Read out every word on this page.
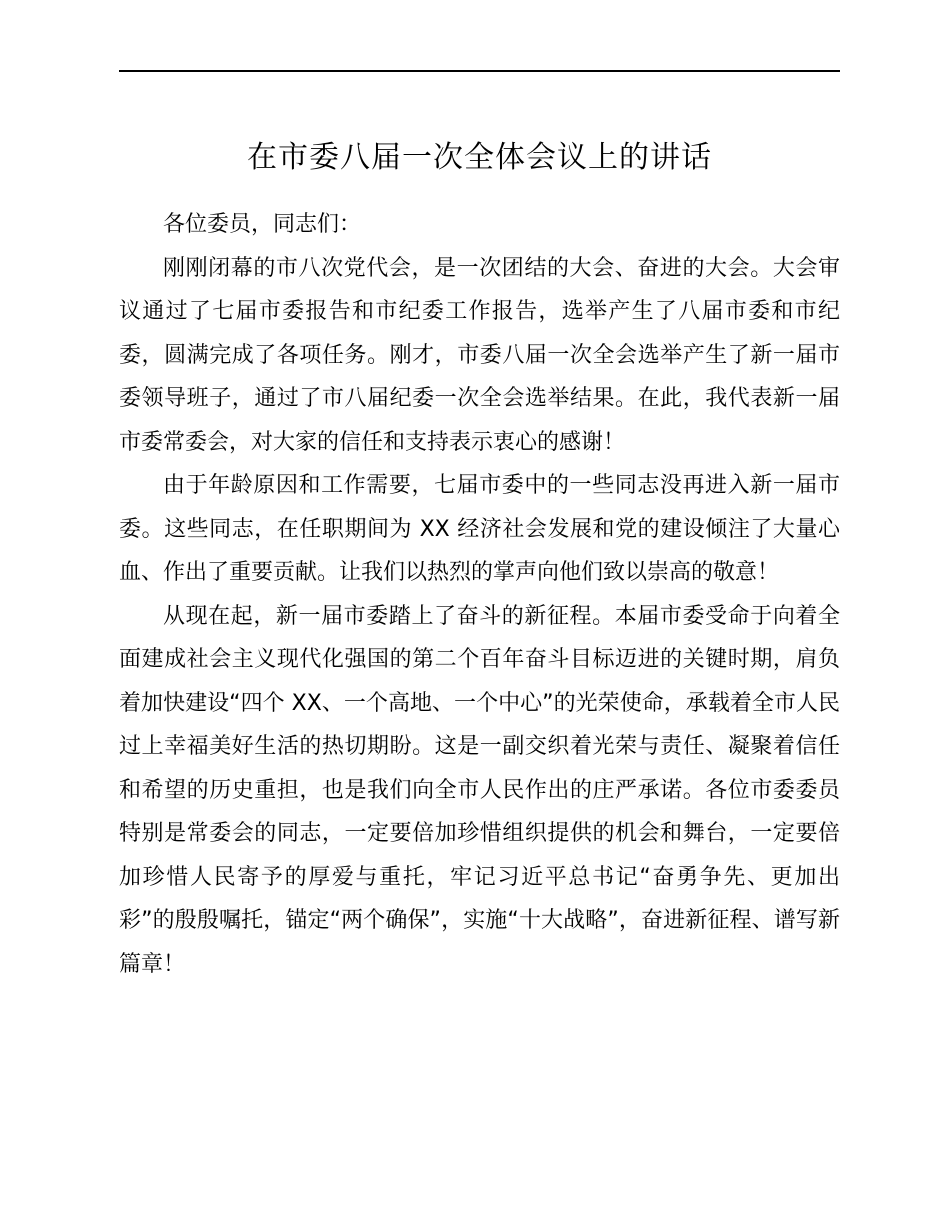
在市委八届一次全体会议上的讲话

各位委员，同志们：

刚刚闭幕的市八次党代会，是一次团结的大会、奋进的大会。大会审议通过了七届市委报告和市纪委工作报告，选举产生了八届市委和市纪委，圆满完成了各项任务。刚才，市委八届一次全会选举产生了新一届市委领导班子，通过了市八届纪委一次全会选举结果。在此，我代表新一届市委常委会，对大家的信任和支持表示衷心的感谢！

由于年龄原因和工作需要，七届市委中的一些同志没再进入新一届市委。这些同志，在任职期间为 XX 经济社会发展和党的建设倾注了大量心血、作出了重要贡献。让我们以热烈的掌声向他们致以崇高的敬意！

从现在起，新一届市委踏上了奋斗的新征程。本届市委受命于向着全面建成社会主义现代化强国的第二个百年奋斗目标迈进的关键时期，肩负着加快建设“四个 XX、一个高地、一个中心”的光荣使命，承载着全市人民过上幸福美好生活的热切期盼。这是一副交织着光荣与责任、凝聚着信任和希望的历史重担，也是我们向全市人民作出的庄严承诺。各位市委委员特别是常委会的同志，一定要倍加珍惜组织提供的机会和舞台，一定要倍加珍惜人民寄予的厚爱与重托，牢记习近平总书记“奋勇争先、更加出彩”的殷殷嘱托，锚定“两个确保”，实施“十大战略”，奋进新征程、谱写新篇章！
